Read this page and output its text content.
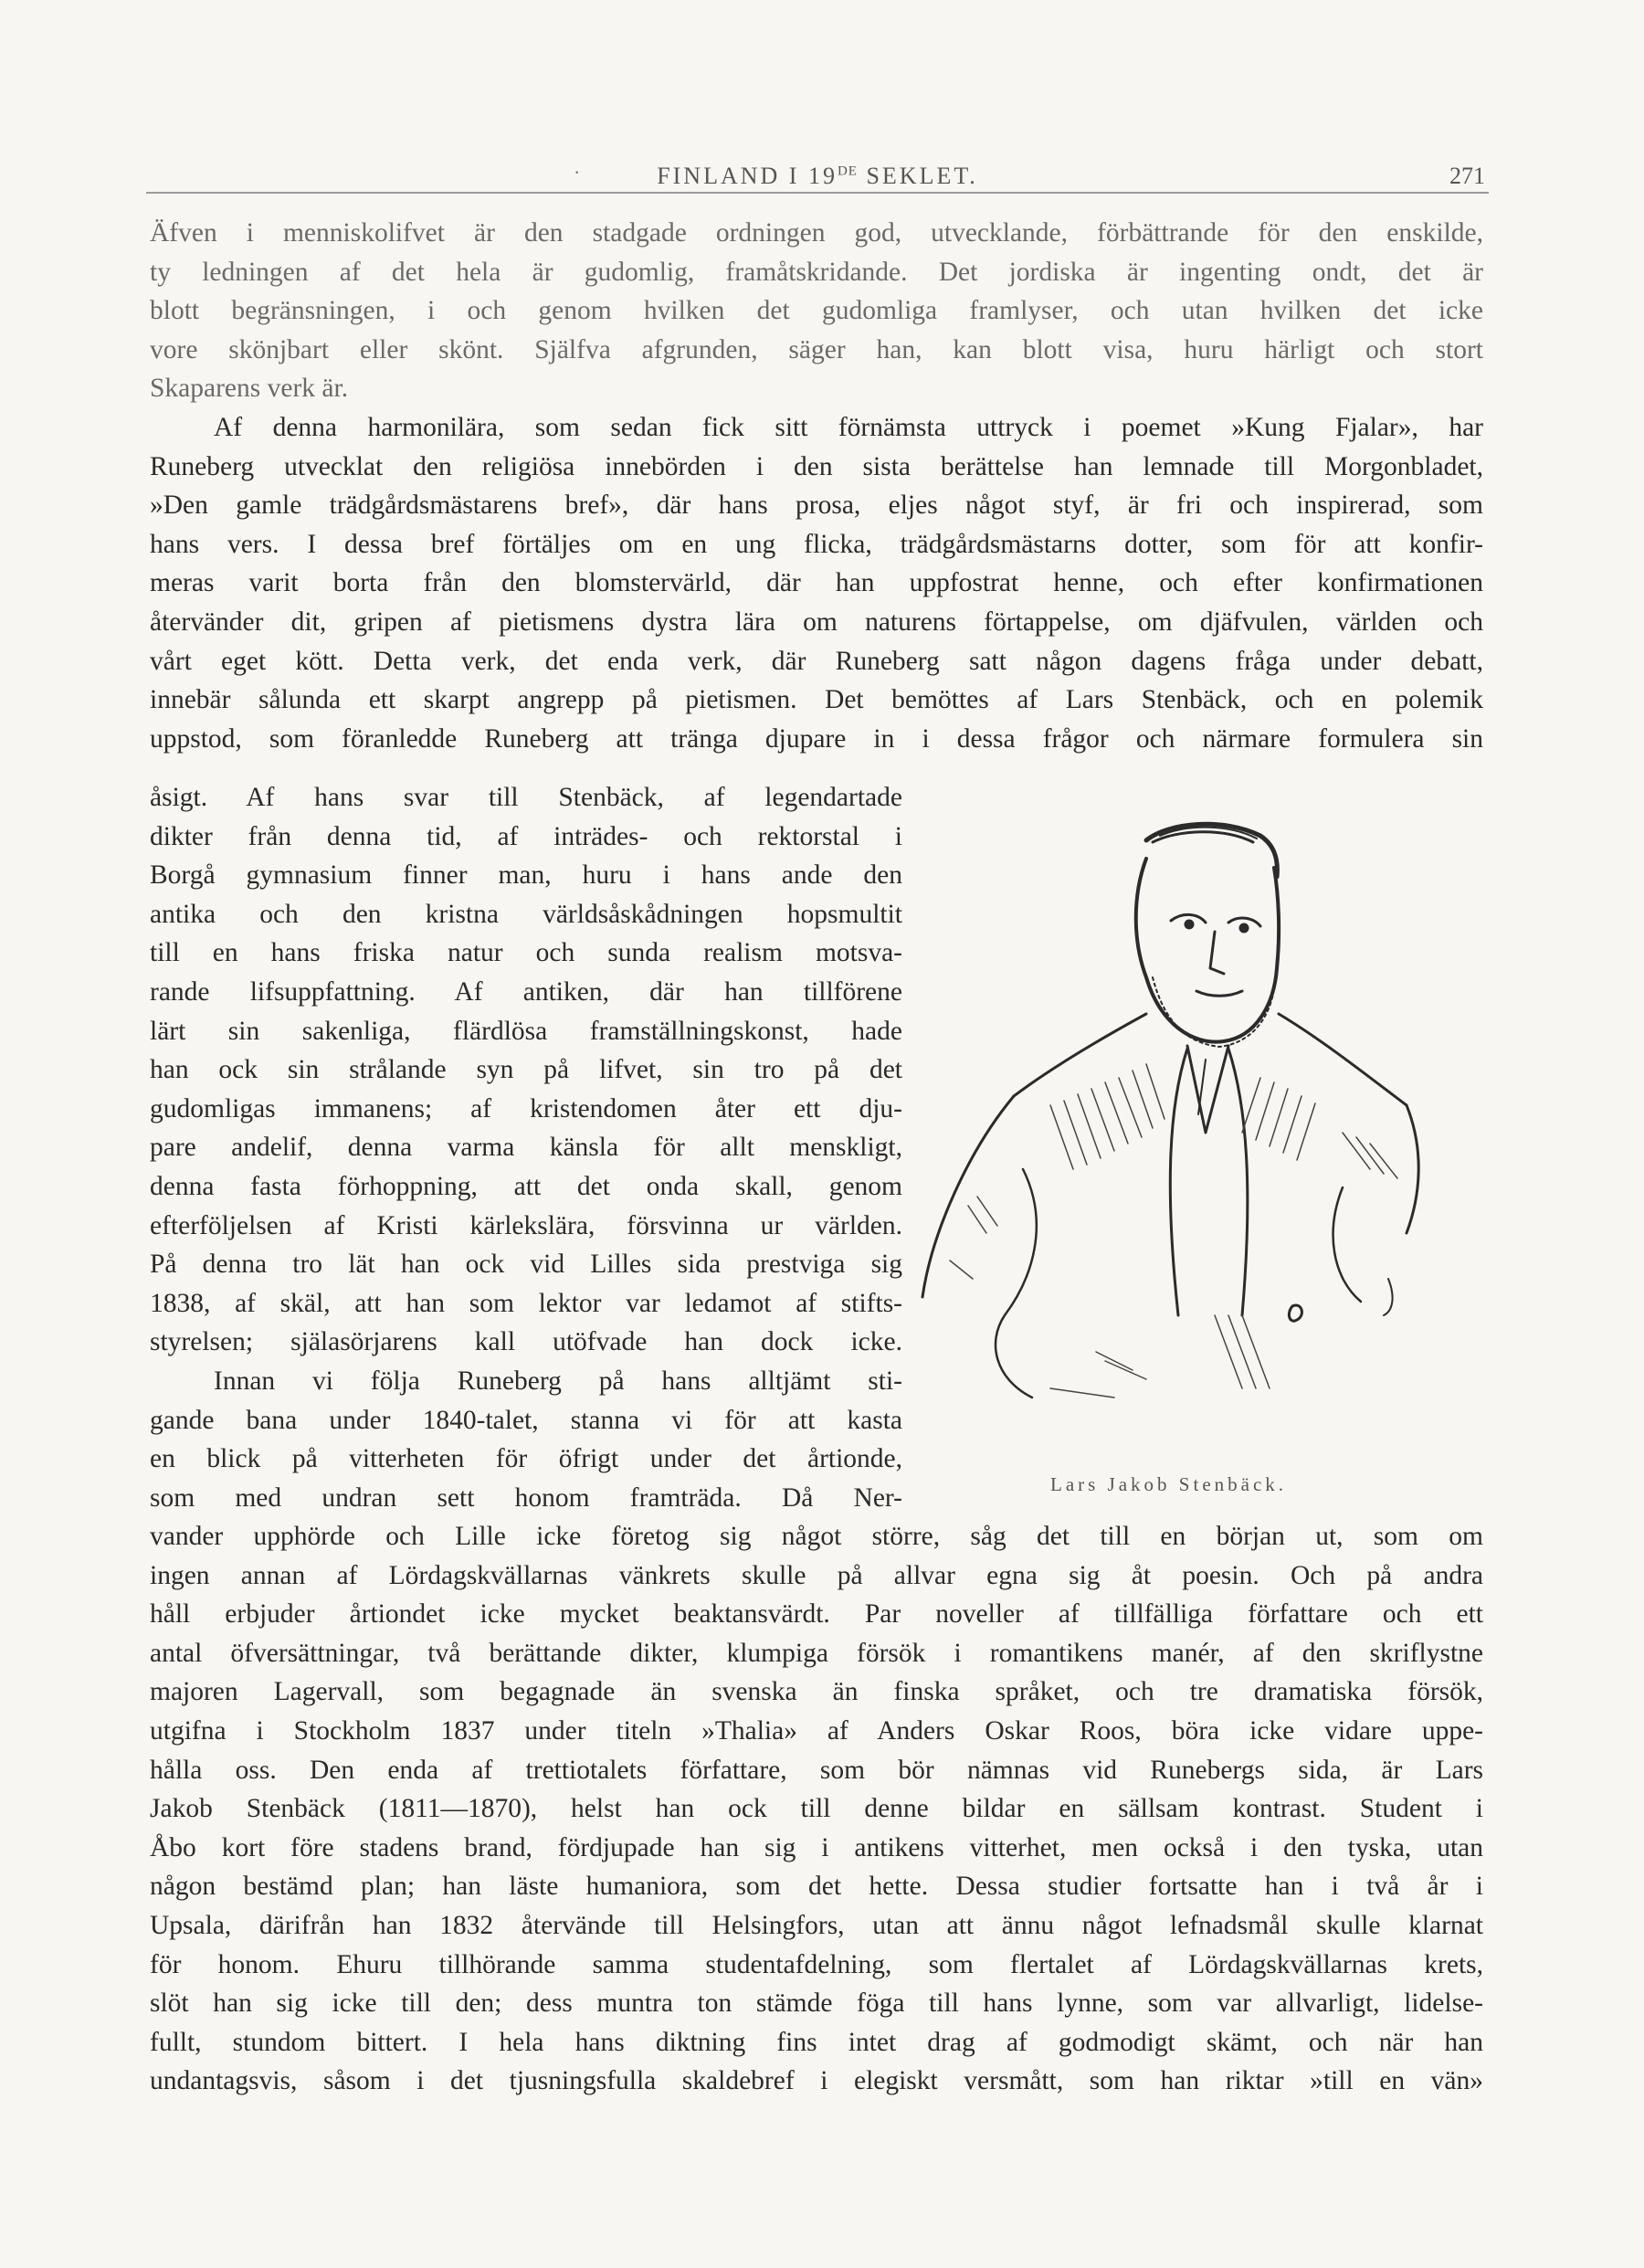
·	FINLAND I 19DE SEKLET.	271
Äfven i menniskolifvet är den stadgade ordningen god, utvecklande, förbättrande för den enskilde,
ty ledningen af det hela är gudomlig, framåtskridande. Det jordiska är ingenting ondt, det är
blott begränsningen, i och genom hvilken det gudomliga framlyser, och utan hvilken det icke
vore skönjbart eller skönt. Själfva afgrunden, säger han, kan blott visa, huru härligt och stort
Skaparens verk är.
Af denna harmonilära, som sedan fick sitt förnämsta uttryck i poemet »Kung Fjalar», har
Runeberg utvecklat den religiösa innebörden i den sista berättelse han lemnade till Morgonbladet,
»Den gamle trädgårdsmästarens bref», där hans prosa, eljes något styf, är fri och inspirerad, som
hans vers. I dessa bref förtäljes om en ung flicka, trädgårdsmästarns dotter, som för att konfir-
meras varit borta från den blomstervärld, där han uppfostrat henne, och efter konfirmationen
återvänder dit, gripen af pietismens dystra lära om naturens förtappelse, om djäfvulen, världen och
vårt eget kött. Detta verk, det enda verk, där Runeberg satt någon dagens fråga under debatt,
innebär sålunda ett skarpt angrepp på pietismen. Det bemöttes af Lars Stenbäck, och en polemik
uppstod, som föranledde Runeberg att tränga djupare in i dessa frågor och närmare formulera sin
åsigt. Af hans svar till Stenbäck, af legendartade
dikter från denna tid, af inträdes- och rektorstal i
Borgå gymnasium finner man, huru i hans ande den
antika och den kristna världsåskådningen hopsmultit
till en hans friska natur och sunda realism motsva-
rande lifsuppfattning. Af antiken, där han tillförene
lärt sin sakenliga, flärdlösa framställningskonst, hade
han ock sin strålande syn på lifvet, sin tro på det
gudomligas immanens; af kristendomen åter ett dju-
pare andelif, denna varma känsla för allt menskligt,
denna fasta förhoppning, att det onda skall, genom
efterföljelsen af Kristi kärlekslära, försvinna ur världen.
På denna tro lät han ock vid Lilles sida prestviga sig
1838, af skäl, att han som lektor var ledamot af stifts-
styrelsen; själasörjarens kall utöfvade han dock icke.
Innan vi följa Runeberg på hans alltjämt sti-
gande bana under 1840-talet, stanna vi för att kasta
en blick på vitterheten för öfrigt under det årtionde,
som med undran sett honom framträda. Då Ner-
vander upphörde och Lille icke företog sig något större, såg det till en början ut, som om
ingen annan af Lördagskvällarnas vänkrets skulle på allvar egna sig åt poesin. Och på andra
håll erbjuder årtiondet icke mycket beaktansvärdt. Par noveller af tillfälliga författare och ett
antal öfversättningar, två berättande dikter, klumpiga försök i romantikens manér, af den skriflystne
majoren Lagervall, som begagnade än svenska än finska språket, och tre dramatiska försök,
utgifna i Stockholm 1837 under titeln »Thalia» af Anders Oskar Roos, böra icke vidare uppe-
hålla oss. Den enda af trettiotalets författare, som bör nämnas vid Runebergs sida, är Lars
Jakob Stenbäck (1811—1870), helst han ock till denne bildar en sällsam kontrast. Student i
Åbo kort före stadens brand, fördjupade han sig i antikens vitterhet, men också i den tyska, utan
någon bestämd plan; han läste humaniora, som det hette. Dessa studier fortsatte han i två år i
Upsala, därifrån han 1832 återvände till Helsingfors, utan att ännu något lefnadsmål skulle klarnat
för honom. Ehuru tillhörande samma studentafdelning, som flertalet af Lördagskvällarnas krets,
slöt han sig icke till den; dess muntra ton stämde föga till hans lynne, som var allvarligt, lidelse-
fullt, stundom bittert. I hela hans diktning fins intet drag af godmodigt skämt, och när han
undantagsvis, såsom i det tjusningsfulla skaldebref i elegiskt versmått, som han riktar »till en vän»
Lars Jakob Stenbäck.
